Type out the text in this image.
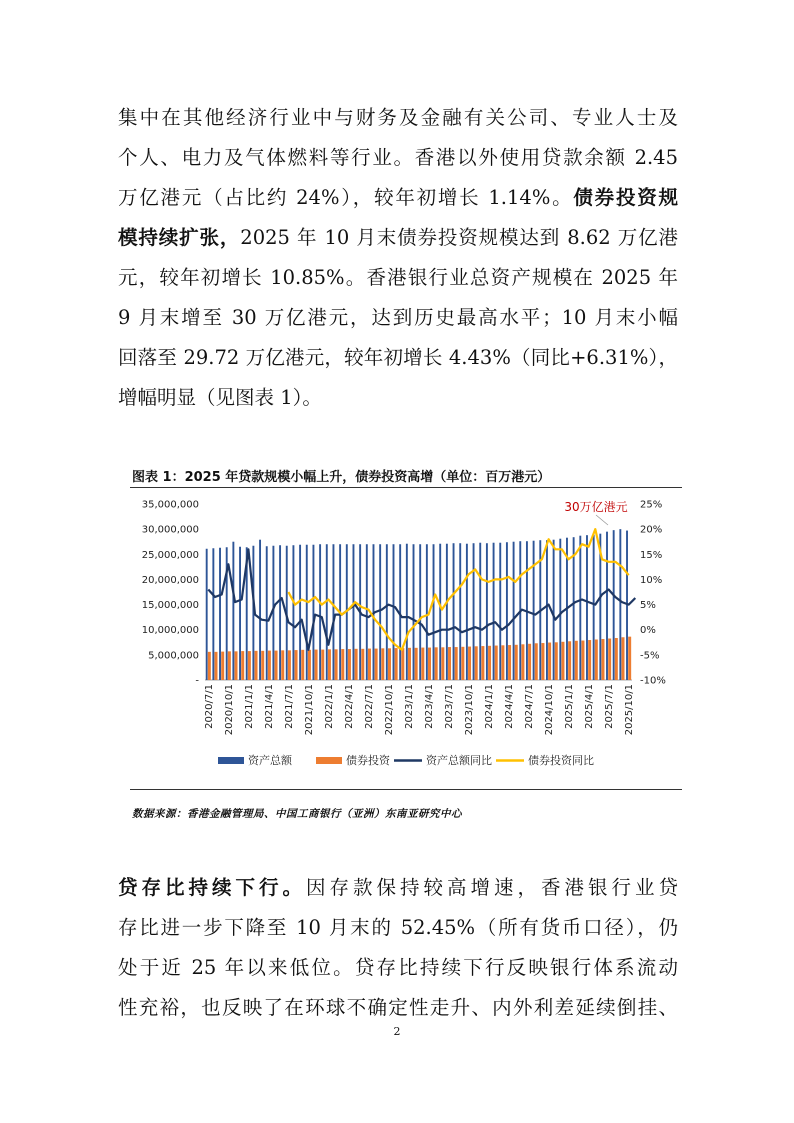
集中在其他经济行业中与财务及金融有关公司、专业人士及
个人、电力及气体燃料等行业。香港以外使用贷款余额 2.45
万亿港元（占比约 24%），较年初增长 1.14%。债券投资规
模持续扩张，2025 年 10 月末债券投资规模达到 8.62 万亿港
元，较年初增长 10.85%。香港银行业总资产规模在 2025 年
9 月末增至 30 万亿港元，达到历史最高水平；10 月末小幅
回落至 29.72 万亿港元，较年初增长 4.43%（同比+6.31%），
增幅明显（见图表 1）。
图表 1：2025 年贷款规模小幅上升，债券投资高增（单位：百万港元）
-
5,000,000
10,000,000
15,000,000
20,000,000
25,000,000
30,000,000
35,000,000
-10%
-5%
0%
5%
10%
15%
20%
25%
2020/7/1 2020/10/1 2021/1/1 2021/4/1 2021/7/1 2021/10/1 2022/1/1 2022/4/1 2022/7/1 2022/10/1 2023/1/1 2023/4/1 2023/7/1 2023/10/1 2024/1/1 2024/4/1 2024/7/1 2024/10/1 2025/1/1 2025/4/1 2025/7/1 2025/10/1
30万亿港元
资产总额	债券投资	资产总额同比	债券投资同比
数据来源：香港金融管理局、中国工商银行（亚洲）东南亚研究中心
贷存比持续下行。因存款保持较高增速，香港银行业贷
存比进一步下降至 10 月末的 52.45%（所有货币口径），仍
处于近 25 年以来低位。贷存比持续下行反映银行体系流动
性充裕，也反映了在环球不确定性走升、内外利差延续倒挂、
2
